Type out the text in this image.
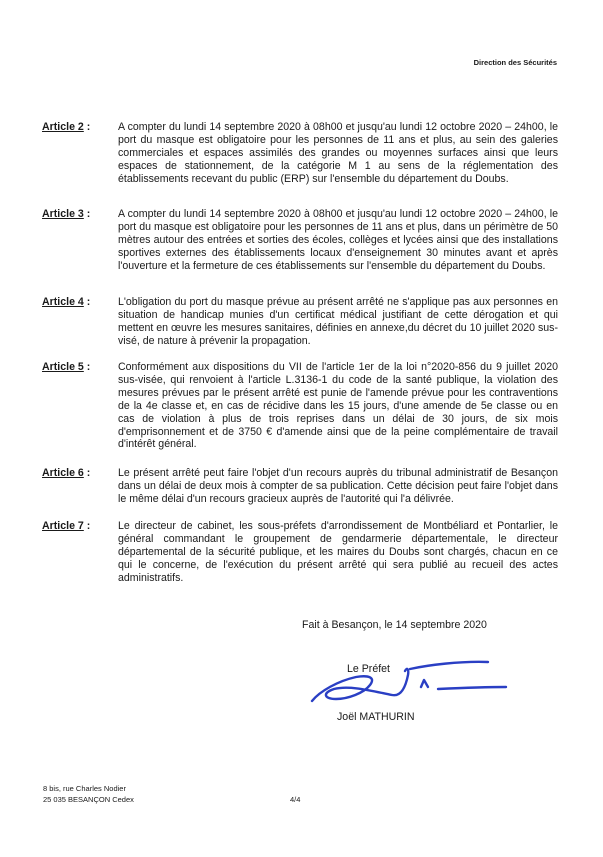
Direction des Sécurités
Article 2 :	A compter du lundi 14 septembre 2020 à 08h00 et jusqu'au lundi 12 octobre 2020 – 24h00, le port du masque est obligatoire pour les personnes de 11 ans et plus, au sein des galeries commerciales et espaces assimilés des grandes ou moyennes surfaces ainsi que leurs espaces de stationnement, de la catégorie M 1 au sens de la réglementation des établissements recevant du public (ERP) sur l'ensemble du département du Doubs.
Article 3 :	A compter du lundi 14 septembre 2020 à 08h00 et jusqu'au lundi 12 octobre 2020 – 24h00, le port du masque est obligatoire pour les personnes de 11 ans et plus, dans un périmètre de 50 mètres autour des entrées et sorties des écoles, collèges et lycées ainsi que des installations sportives externes des établissements locaux d'enseignement 30 minutes avant et après l'ouverture et la fermeture de ces établissements sur l'ensemble du département du Doubs.
Article 4 :	L'obligation du port du masque prévue au présent arrêté ne s'applique pas aux personnes en situation de handicap munies d'un certificat médical justifiant de cette dérogation et qui mettent en œuvre les mesures sanitaires, définies en annexe,du décret du 10 juillet 2020 sus-visé, de nature à prévenir la propagation.
Article 5 :	Conformément aux dispositions du VII de l'article 1er de la loi n°2020-856 du 9 juillet 2020 sus-visée, qui renvoient à l'article L.3136-1 du code de la santé publique, la violation des mesures prévues par le présent arrêté est punie de l'amende prévue pour les contraventions de la 4e classe et, en cas de récidive dans les 15 jours, d'une amende de 5e classe ou en cas de violation à plus de trois reprises dans un délai de 30 jours, de six mois d'emprisonnement et de 3750 € d'amende ainsi que de la peine complémentaire de travail d'intérêt général.
Article 6 :	Le présent arrêté peut faire l'objet d'un recours auprès du tribunal administratif de Besançon dans un délai de deux mois à compter de sa publication. Cette décision peut faire l'objet dans le même délai d'un recours gracieux auprès de l'autorité qui l'a délivrée.
Article 7 :	Le directeur de cabinet, les sous-préfets d'arrondissement de Montbéliard et Pontarlier, le général commandant le groupement de gendarmerie départementale, le directeur départemental de la sécurité publique, et les maires du Doubs sont chargés, chacun en ce qui le concerne, de l'exécution du présent arrêté qui sera publié au recueil des actes administratifs.
Fait à Besançon, le 14 septembre 2020
Le Préfet
Joël MATHURIN
8 bis, rue Charles Nodier
25 035 BESANÇON Cedex	4/4
